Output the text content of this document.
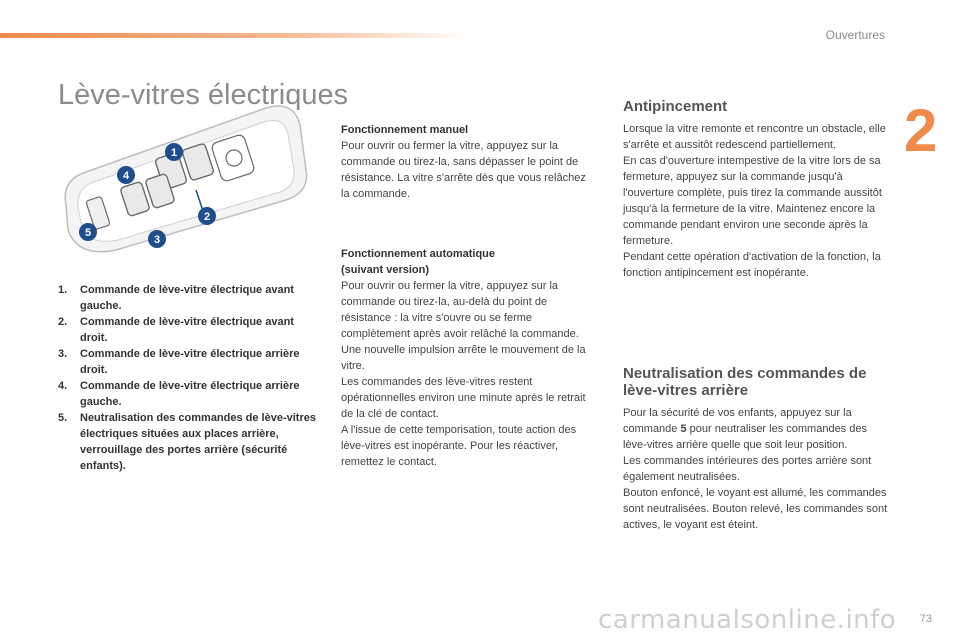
Ouvertures
2
Lève-vitres électriques
1
2
3
4
5
1.	Commande de lève-vitre électrique avant gauche.
2.	Commande de lève-vitre électrique avant droit.
3.	Commande de lève-vitre électrique arrière droit.
4.	Commande de lève-vitre électrique arrière gauche.
5.	Neutralisation des commandes de lève-vitres électriques situées aux places arrière,
verrouillage des portes arrière (sécurité enfants).
Fonctionnement manuel

Pour ouvrir ou fermer la vitre, appuyez sur la commande ou tirez-la, sans dépasser le point de résistance. La vitre s'arrête dès que vous relâchez la commande.

Fonctionnement automatique
(suivant version)

Pour ouvrir ou fermer la vitre, appuyez sur la commande ou tirez-la, au-delà du point de résistance : la vitre s'ouvre ou se ferme complètement après avoir relâché la commande. Une nouvelle impulsion arrête le mouvement de la vitre.

Les commandes des lève-vitres restent opérationnelles environ une minute après le retrait de la clé de contact.

A l'issue de cette temporisation, toute action des lève-vitres est inopérante. Pour les réactiver, remettez le contact.

Antipincement

Lorsque la vitre remonte et rencontre un obstacle, elle s'arrête et aussitôt redescend partiellement.

En cas d'ouverture intempestive de la vitre lors de sa fermeture, appuyez sur la commande jusqu'à l'ouverture complète, puis tirez la commande aussitôt jusqu'à la fermeture de la vitre. Maintenez encore la commande pendant environ une seconde après la fermeture.

Pendant cette opération d'activation de la fonction, la fonction antipincement est inopérante.

Neutralisation des commandes de lève-vitres arrière

Pour la sécurité de vos enfants, appuyez sur la commande 5 pour neutraliser les commandes des lève-vitres arrière quelle que soit leur position.

Les commandes intérieures des portes arrière sont également neutralisées.

Bouton enfoncé, le voyant est allumé, les commandes sont neutralisées. Bouton relevé, les commandes sont actives, le voyant est éteint.

carmanualsonline.info 73
